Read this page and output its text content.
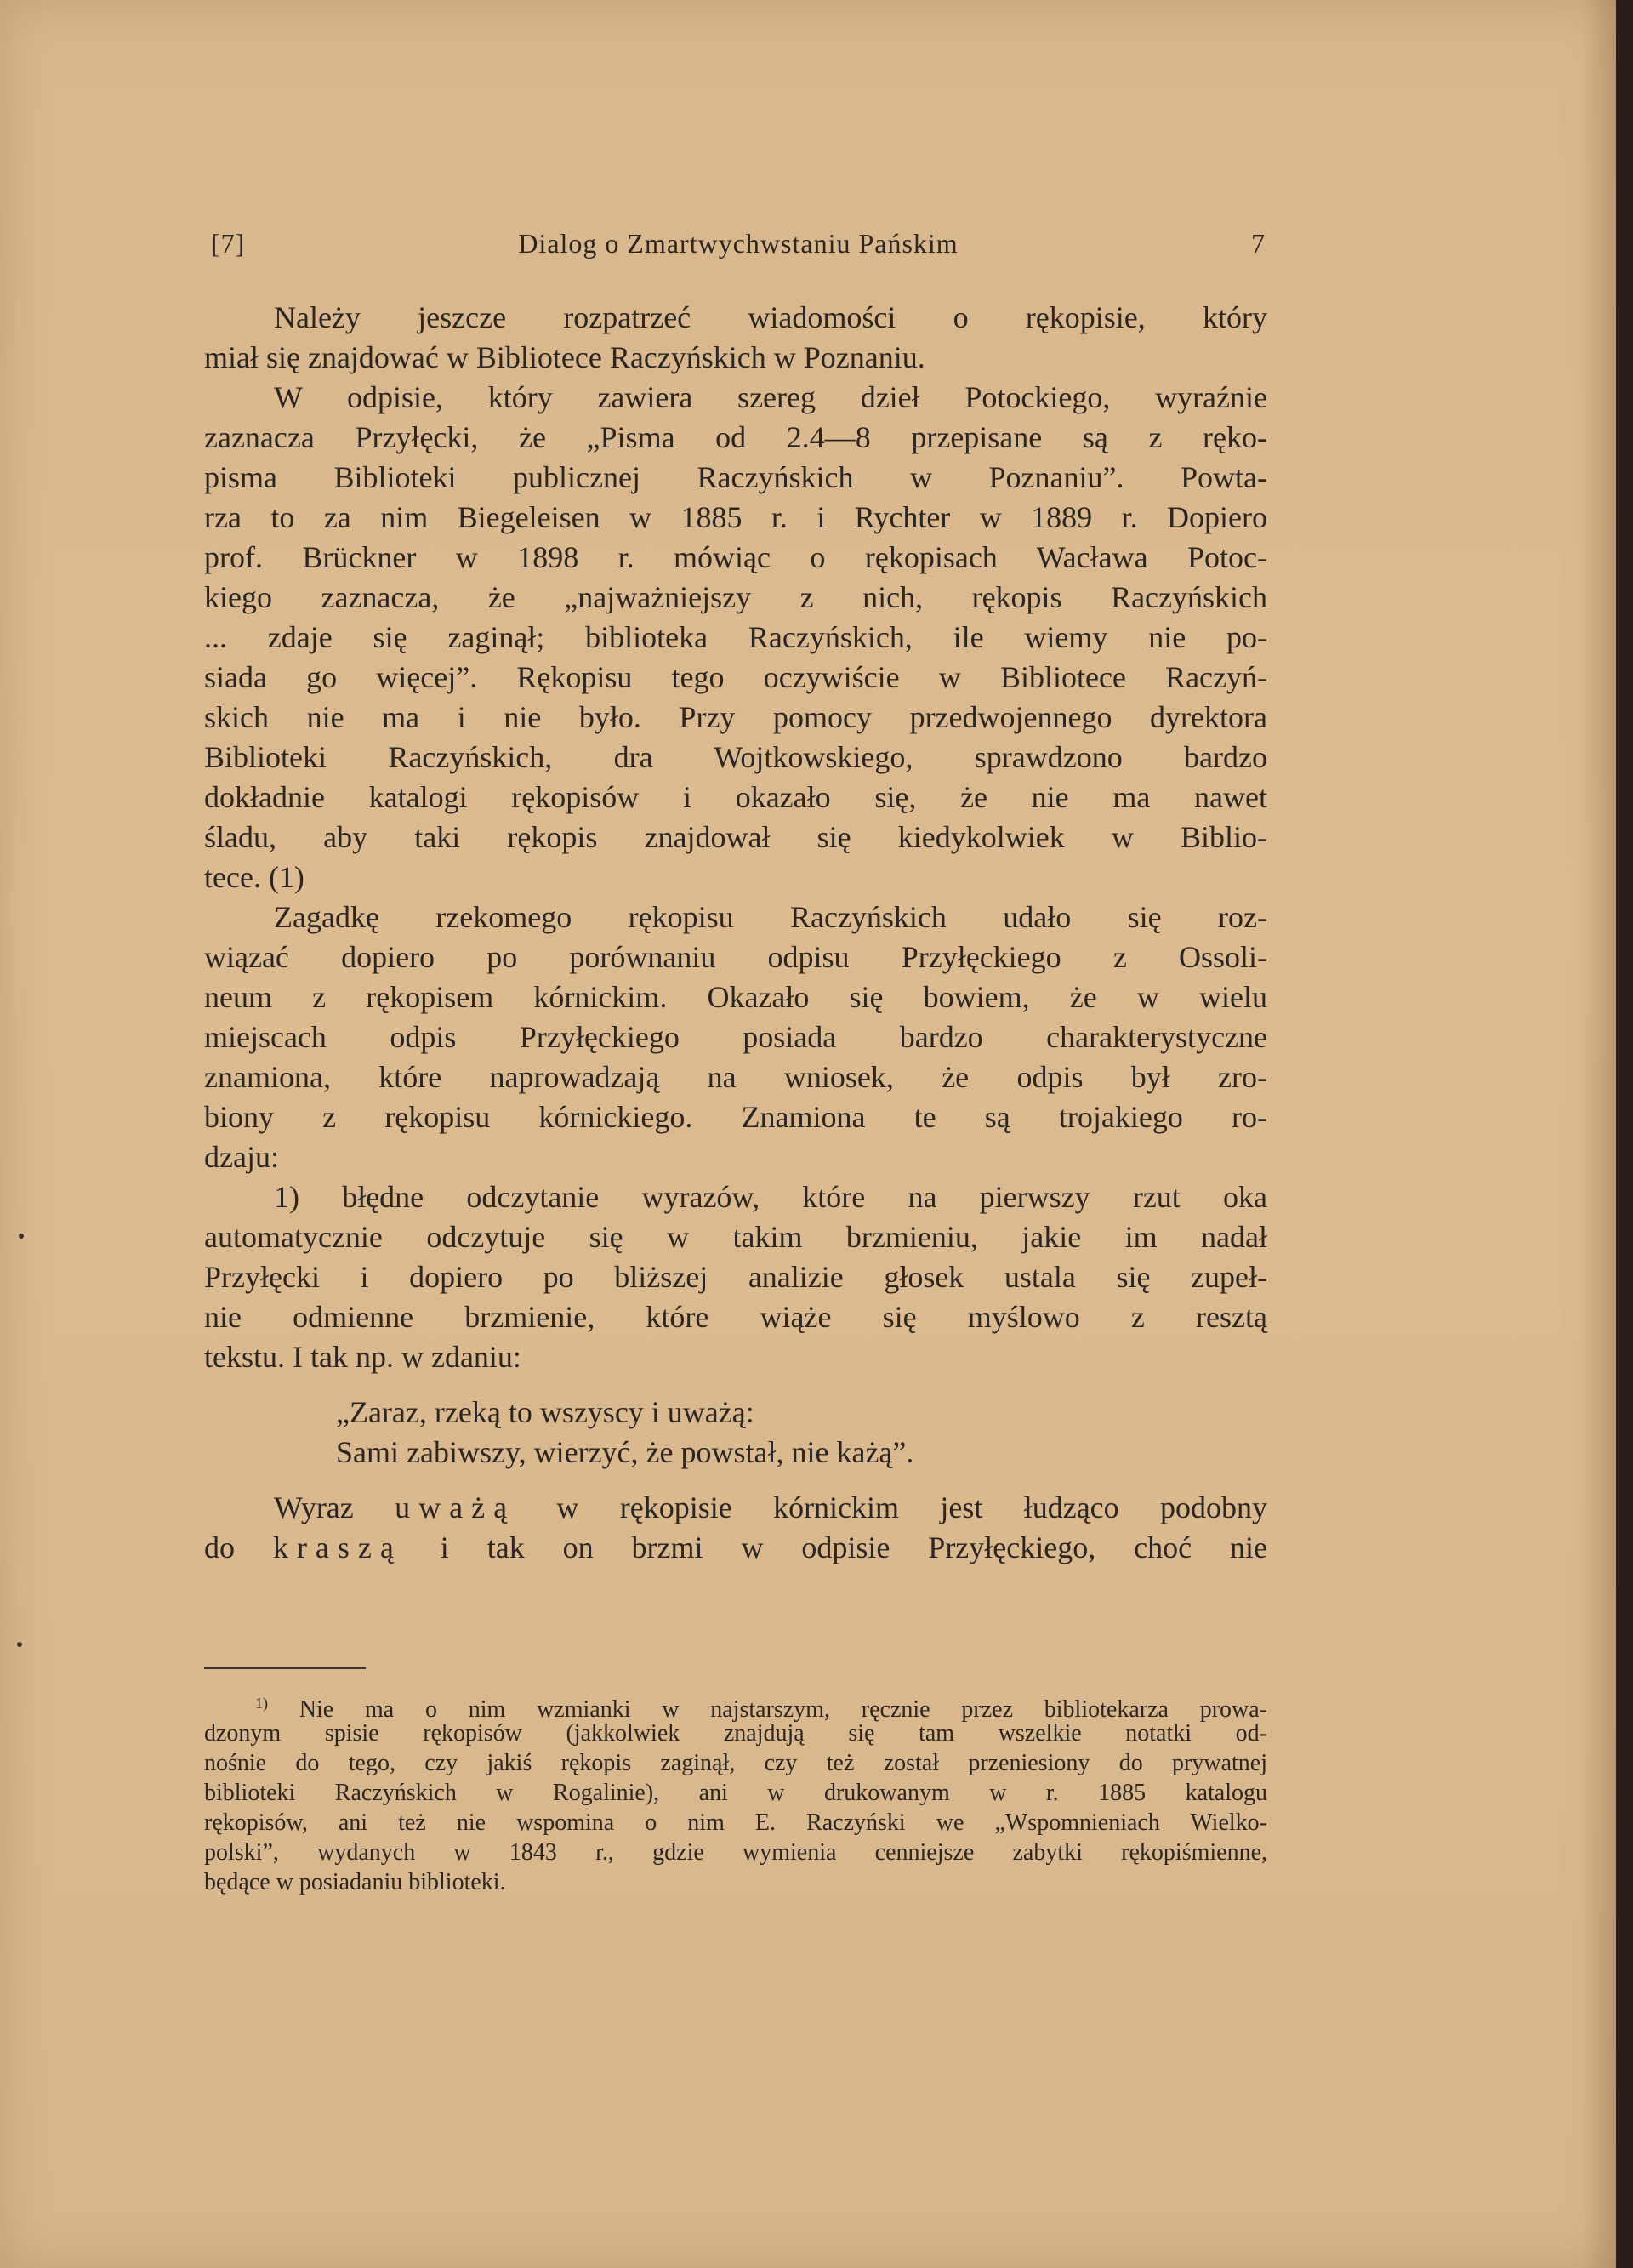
[7]	Dialog o Zmartwychwstaniu Pańskim	7
Należy jeszcze rozpatrzeć wiadomości o rękopisie, który
miał się znajdować w Bibliotece Raczyńskich w Poznaniu.
W odpisie, który zawiera szereg dzieł Potockiego, wyraźnie
zaznacza Przyłęcki, że „Pisma od 2.4—8 przepisane są z ręko-
pisma Biblioteki publicznej Raczyńskich w Poznaniu”. Powta-
rza to za nim Biegeleisen w 1885 r. i Rychter w 1889 r. Dopiero
prof. Brückner w 1898 r. mówiąc o rękopisach Wacława Potoc-
kiego zaznacza, że „najważniejszy z nich, rękopis Raczyńskich
... zdaje się zaginął; biblioteka Raczyńskich, ile wiemy nie po-
siada go więcej”. Rękopisu tego oczywiście w Bibliotece Raczyń-
skich nie ma i nie było. Przy pomocy przedwojennego dyrektora
Biblioteki Raczyńskich, dra Wojtkowskiego, sprawdzono bardzo
dokładnie katalogi rękopisów i okazało się, że nie ma nawet
śladu, aby taki rękopis znajdował się kiedykolwiek w Biblio-
tece. (1)
Zagadkę rzekomego rękopisu Raczyńskich udało się roz-
wiązać dopiero po porównaniu odpisu Przyłęckiego z Ossoli-
neum z rękopisem kórnickim. Okazało się bowiem, że w wielu
miejscach odpis Przyłęckiego posiada bardzo charakterystyczne
znamiona, które naprowadzają na wniosek, że odpis był zro-
biony z rękopisu kórnickiego. Znamiona te są trojakiego ro-
dzaju:
1) błędne odczytanie wyrazów, które na pierwszy rzut oka
automatycznie odczytuje się w takim brzmieniu, jakie im nadał
Przyłęcki i dopiero po bliższej analizie głosek ustala się zupeł-
nie odmienne brzmienie, które wiąże się myślowo z resztą
tekstu. I tak np. w zdaniu:
„Zaraz, rzeką to wszyscy i uważą:
Sami zabiwszy, wierzyć, że powstał, nie każą”.
Wyraz uważą w rękopisie kórnickim jest łudząco podobny
do kraszą i tak on brzmi w odpisie Przyłęckiego, choć nie
$^{1)}$ Nie ma o nim wzmianki w najstarszym, ręcznie przez bibliotekarza prowa-
dzonym spisie rękopisów (jakkolwiek znajdują się tam wszelkie notatki od-
nośnie do tego, czy jakiś rękopis zaginął, czy też został przeniesiony do prywatnej
biblioteki Raczyńskich w Rogalinie), ani w drukowanym w r. 1885 katalogu
rękopisów, ani też nie wspomina o nim E. Raczyński we „Wspomnieniach Wielko-
polski”, wydanych w 1843 r., gdzie wymienia cenniejsze zabytki rękopiśmienne,
będące w posiadaniu biblioteki.
